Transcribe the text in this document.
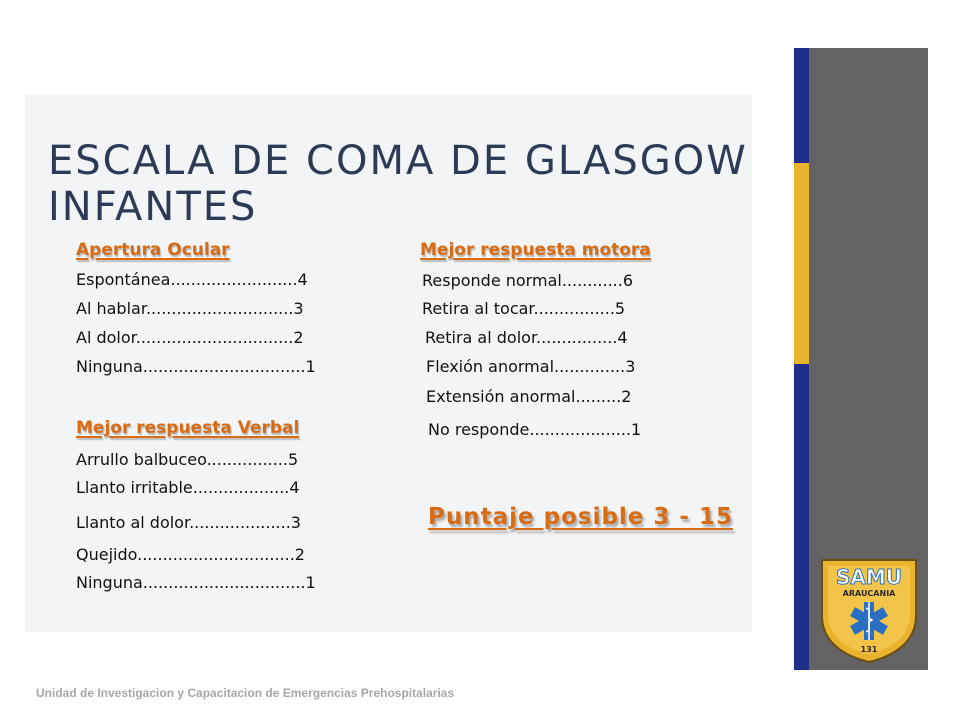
ESCALA DE COMA DE GLASGOW
INFANTES
Apertura Ocular
Espontánea.........................4
Al hablar.............................3
Al dolor...............................2
Ninguna................................1
Mejor respuesta Verbal
Arrullo balbuceo................5
Llanto irritable...................4
Llanto al dolor....................3
Quejido...............................2
Ninguna................................1
Mejor respuesta motora
Responde normal............6
Retira al tocar................5
Retira al dolor................4
Flexión anormal..............3
Extensión anormal.........2
No responde....................1
Puntaje posible 3 - 15
SAMU
ARAUCANIA
131
Unidad de Investigacion y Capacitacion de Emergencias Prehospitalarias
